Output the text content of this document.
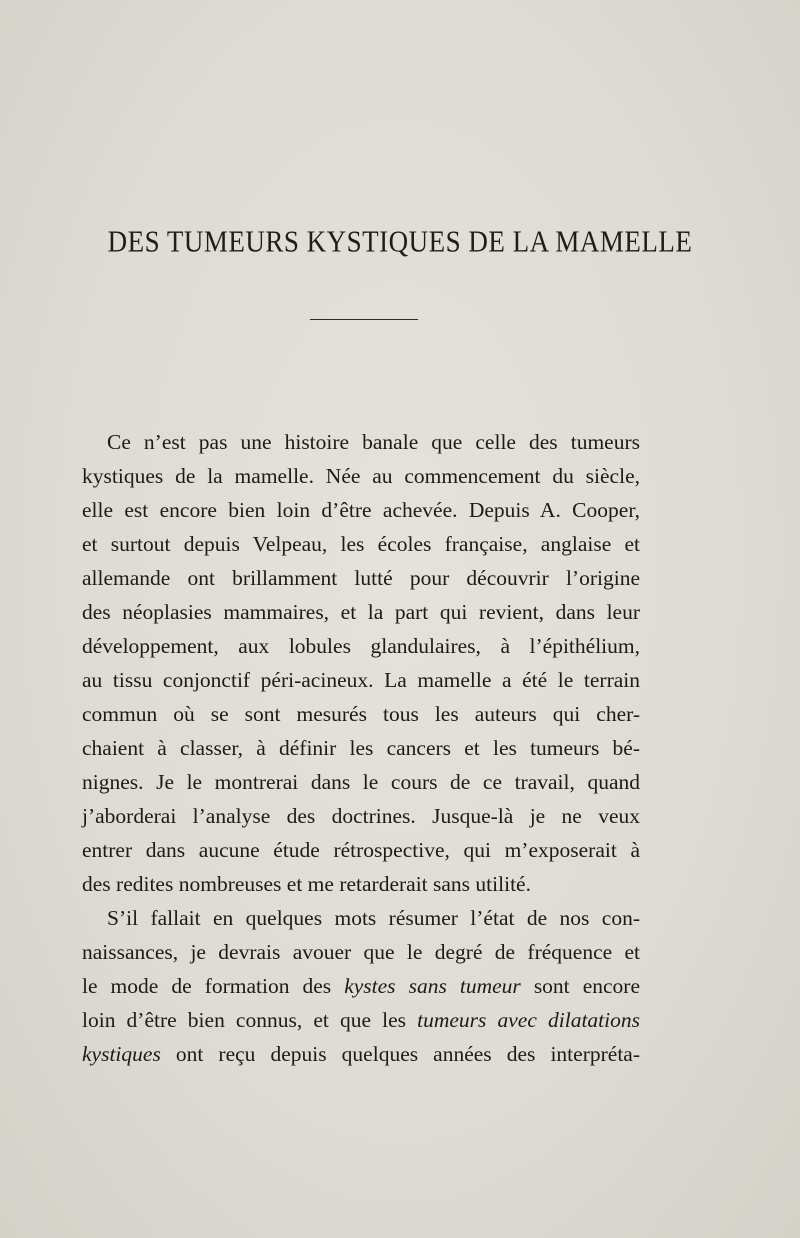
DES TUMEURS KYSTIQUES DE LA MAMELLE
Ce n’est pas une histoire banale que celle des tumeurs
kystiques de la mamelle. Née au commencement du siècle,
elle est encore bien loin d’être achevée. Depuis A. Cooper,
et surtout depuis Velpeau, les écoles française, anglaise et
allemande ont brillamment lutté pour découvrir l’origine
des néoplasies mammaires, et la part qui revient, dans leur
développement, aux lobules glandulaires, à l’épithélium,
au tissu conjonctif péri-acineux. La mamelle a été le terrain
commun où se sont mesurés tous les auteurs qui cher-
chaient à classer, à définir les cancers et les tumeurs bé-
nignes. Je le montrerai dans le cours de ce travail, quand
j’aborderai l’analyse des doctrines. Jusque-là je ne veux
entrer dans aucune étude rétrospective, qui m’exposerait à
des redites nombreuses et me retarderait sans utilité.
S’il fallait en quelques mots résumer l’état de nos con-
naissances, je devrais avouer que le degré de fréquence et
le mode de formation des kystes sans tumeur sont encore
loin d’être bien connus, et que les tumeurs avec dilatations
kystiques ont reçu depuis quelques années des interpréta-
